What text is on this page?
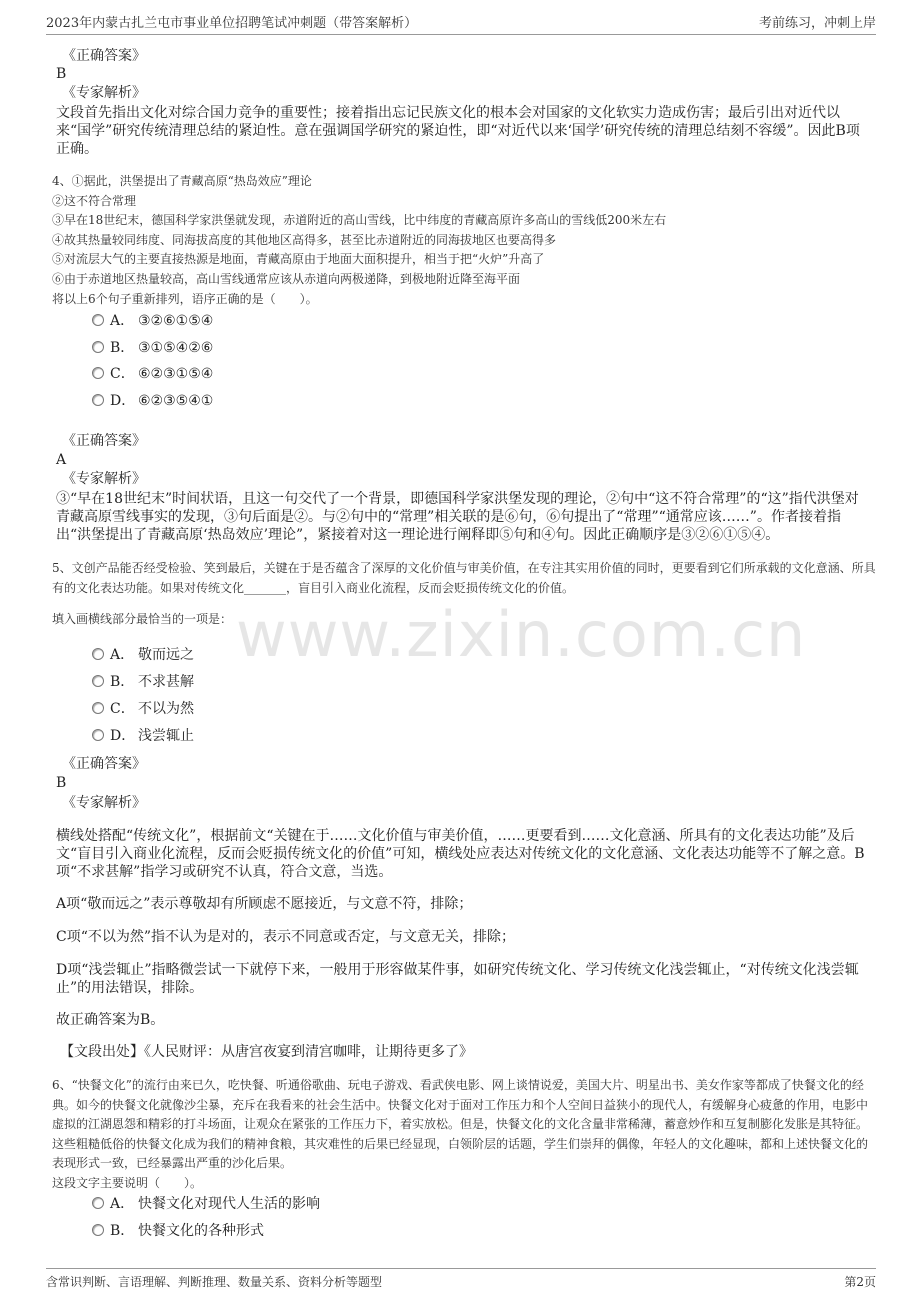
2023年内蒙古扎兰屯市事业单位招聘笔试冲刺题（带答案解析）	考前练习，冲刺上岸
www.zixin.com.cn
《正确答案》
B
《专家解析》
文段首先指出文化对综合国力竞争的重要性；接着指出忘记民族文化的根本会对国家的文化软实力造成伤害；最后引出对近代以来“国学”研究传统清理总结的紧迫性。意在强调国学研究的紧迫性，即“对近代以来‘国学’研究传统的清理总结刻不容缓”。因此B项正确。
4、①据此，洪堡提出了青藏高原“热岛效应”理论
②这不符合常理
③早在18世纪末，德国科学家洪堡就发现，赤道附近的高山雪线，比中纬度的青藏高原许多高山的雪线低200米左右
④故其热量较同纬度、同海拔高度的其他地区高得多，甚至比赤道附近的同海拔地区也要高得多
⑤对流层大气的主要直接热源是地面，青藏高原由于地面大面积提升，相当于把“火炉”升高了
⑥由于赤道地区热量较高，高山雪线通常应该从赤道向两极递降，到极地附近降至海平面
将以上6个句子重新排列，语序正确的是（　　）。
A． ③②⑥①⑤④
B． ③①⑤④②⑥
C． ⑥②③①⑤④
D． ⑥②③⑤④①
《正确答案》
A
《专家解析》
③“早在18世纪末”时间状语，且这一句交代了一个背景，即德国科学家洪堡发现的理论，②句中“这不符合常理”的“这”指代洪堡对青藏高原雪线事实的发现，③句后面是②。与②句中的“常理”相关联的是⑥句，⑥句提出了“常理”“通常应该……”。作者接着指出“洪堡提出了青藏高原‘热岛效应’理论”，紧接着对这一理论进行阐释即⑤句和④句。因此正确顺序是③②⑥①⑤④。
5、文创产品能否经受检验、笑到最后，关键在于是否蕴含了深厚的文化价值与审美价值，在专注其实用价值的同时，更要看到它们所承载的文化意涵、所具有的文化表达功能。如果对传统文化_______，盲目引入商业化流程，反而会贬损传统文化的价值。
填入画横线部分最恰当的一项是：
A． 敬而远之
B． 不求甚解
C． 不以为然
D． 浅尝辄止
《正确答案》
B
《专家解析》
横线处搭配“传统文化”，根据前文“关键在于……文化价值与审美价值，……更要看到……文化意涵、所具有的文化表达功能”及后文“盲目引入商业化流程，反而会贬损传统文化的价值”可知，横线处应表达对传统文化的文化意涵、文化表达功能等不了解之意。B项“不求甚解”指学习或研究不认真，符合文意，当选。
A项“敬而远之”表示尊敬却有所顾虑不愿接近，与文意不符，排除；
C项“不以为然”指不认为是对的，表示不同意或否定，与文意无关，排除；
D项“浅尝辄止”指略微尝试一下就停下来，一般用于形容做某件事，如研究传统文化、学习传统文化浅尝辄止，“对传统文化浅尝辄止”的用法错误，排除。
故正确答案为B。
【文段出处】《人民财评：从唐宫夜宴到清宫咖啡，让期待更多了》
6、“快餐文化”的流行由来已久，吃快餐、听通俗歌曲、玩电子游戏、看武侠电影、网上谈情说爱，美国大片、明星出书、美女作家等都成了快餐文化的经典。如今的快餐文化就像沙尘暴，充斥在我看来的社会生活中。快餐文化对于面对工作压力和个人空间日益狭小的现代人，有缓解身心疲惫的作用，电影中虚拟的江湖恩怨和精彩的打斗场面，让观众在紧张的工作压力下，着实放松。但是，快餐文化的文化含量非常稀薄，蓄意炒作和互复制膨化发胀是其特征。这些粗糙低俗的快餐文化成为我们的精神食粮，其灾难性的后果已经显现，白领阶层的话题，学生们崇拜的偶像，年轻人的文化趣味，都和上述快餐文化的表现形式一致，已经暴露出严重的沙化后果。
这段文字主要说明（　　）。
A． 快餐文化对现代人生活的影响
B． 快餐文化的各种形式
含常识判断、言语理解、判断推理、数量关系、资料分析等题型	第2页
